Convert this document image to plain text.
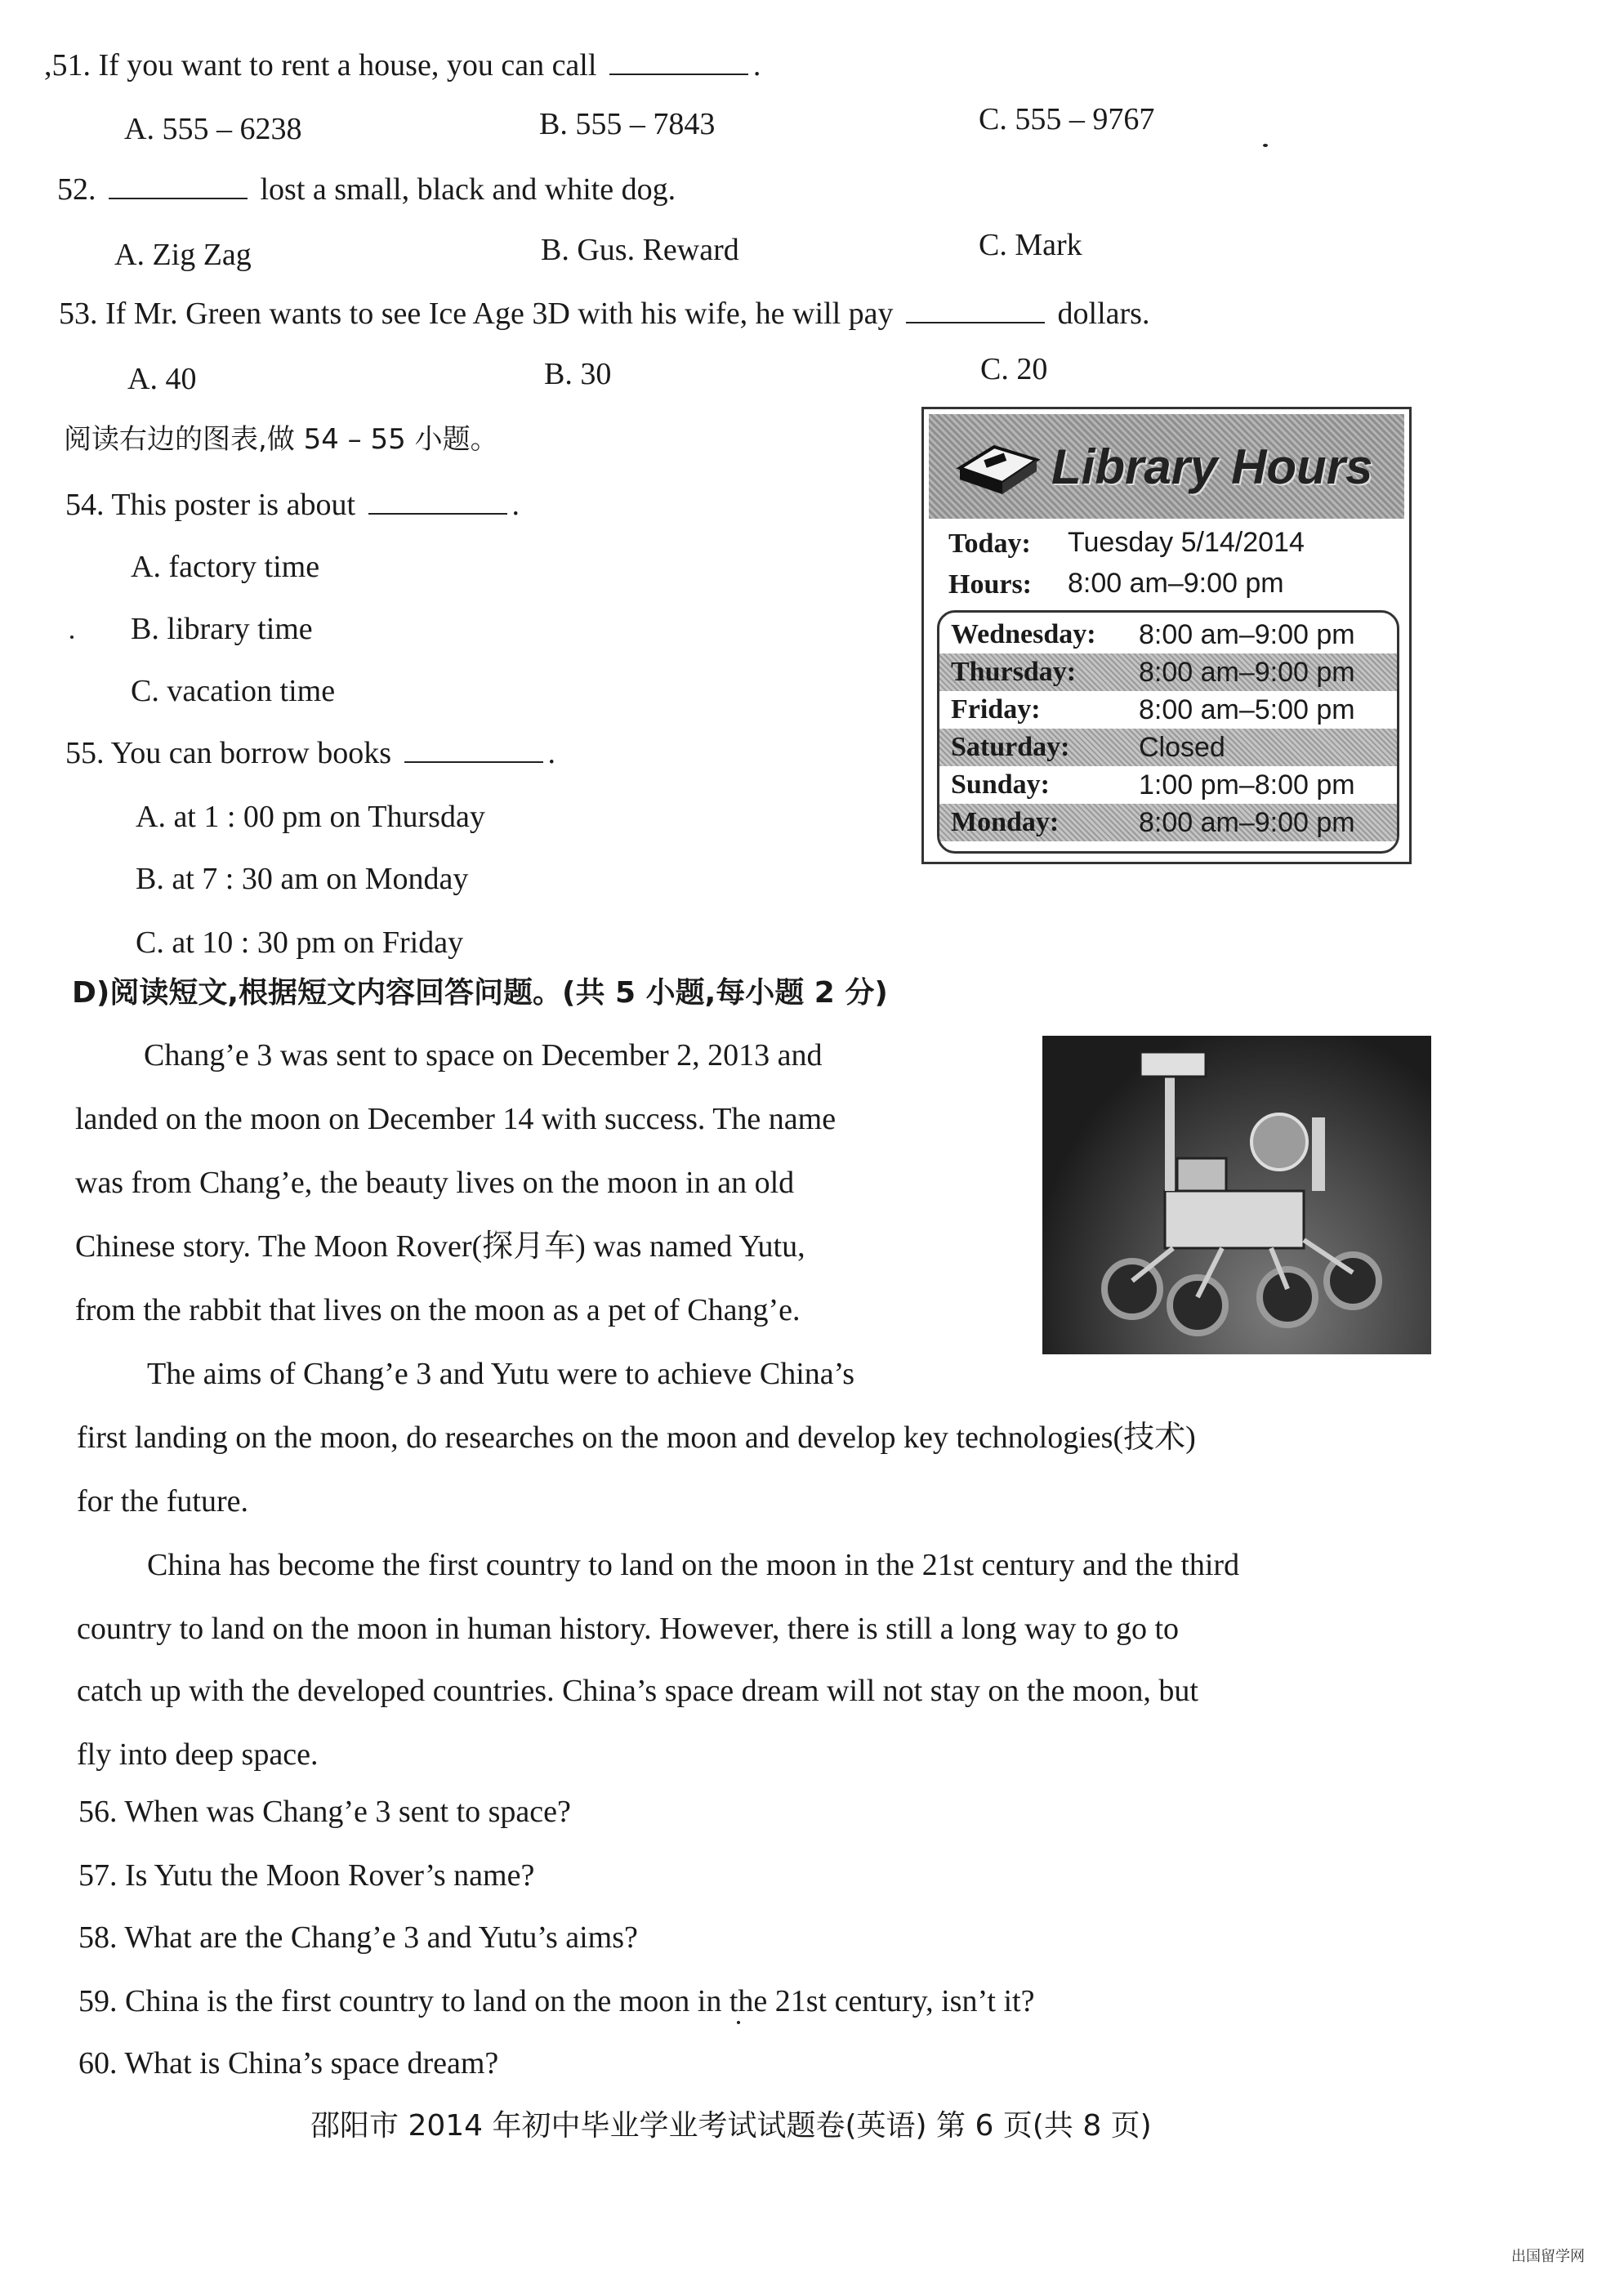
,51. If you want to rent a house, you can call	.
A. 555 – 6238	B. 555 – 7843	C. 555 – 9767
52.	lost a small, black and white dog.
A. Zig Zag	B. Gus. Reward	C. Mark
53. If Mr. Green wants to see Ice Age 3D with his wife, he will pay	dollars.
A. 40	B. 30	C. 20
阅读右边的图表,做 54 – 55 小题。
54. This poster is about	.
A. factory time
B. library time
C. vacation time
55. You can borrow books	.
A. at 1 : 00 pm on Thursday
B. at 7 : 30 am on Monday
C. at 10 : 30 pm on Friday
Library Hours
Today: Tuesday 5/14/2014
Hours: 8:00 am–9:00 pm
Wednesday: 8:00 am–9:00 pm
Thursday: 8:00 am–9:00 pm
Friday:	8:00 am–5:00 pm
Saturday: Closed
Sunday:	1:00 pm–8:00 pm
Monday:	8:00 am–9:00 pm
D)阅读短文,根据短文内容回答问题。(共 5 小题,每小题 2 分)
Chang’e 3 was sent to space on December 2, 2013 and
landed on the moon on December 14 with success. The name
was from Chang’e, the beauty lives on the moon in an old
Chinese story. The Moon Rover(探月车) was named Yutu,
from the rabbit that lives on the moon as a pet of Chang’e.
The aims of Chang’e 3 and Yutu were to achieve China’s
first landing on the moon, do researches on the moon and develop key technologies(技术)
for the future.
China has become the first country to land on the moon in the 21st century and the third
country to land on the moon in human history. However, there is still a long way to go to
catch up with the developed countries. China’s space dream will not stay on the moon, but
fly into deep space.
56. When was Chang’e 3 sent to space?
57. Is Yutu the Moon Rover’s name?
58. What are the Chang’e 3 and Yutu’s aims?
59. China is the first country to land on the moon in the 21st century, isn’t it?
60. What is China’s space dream?
邵阳市 2014 年初中毕业学业考试试题卷(英语) 第 6 页(共 8 页)
出国留学网
